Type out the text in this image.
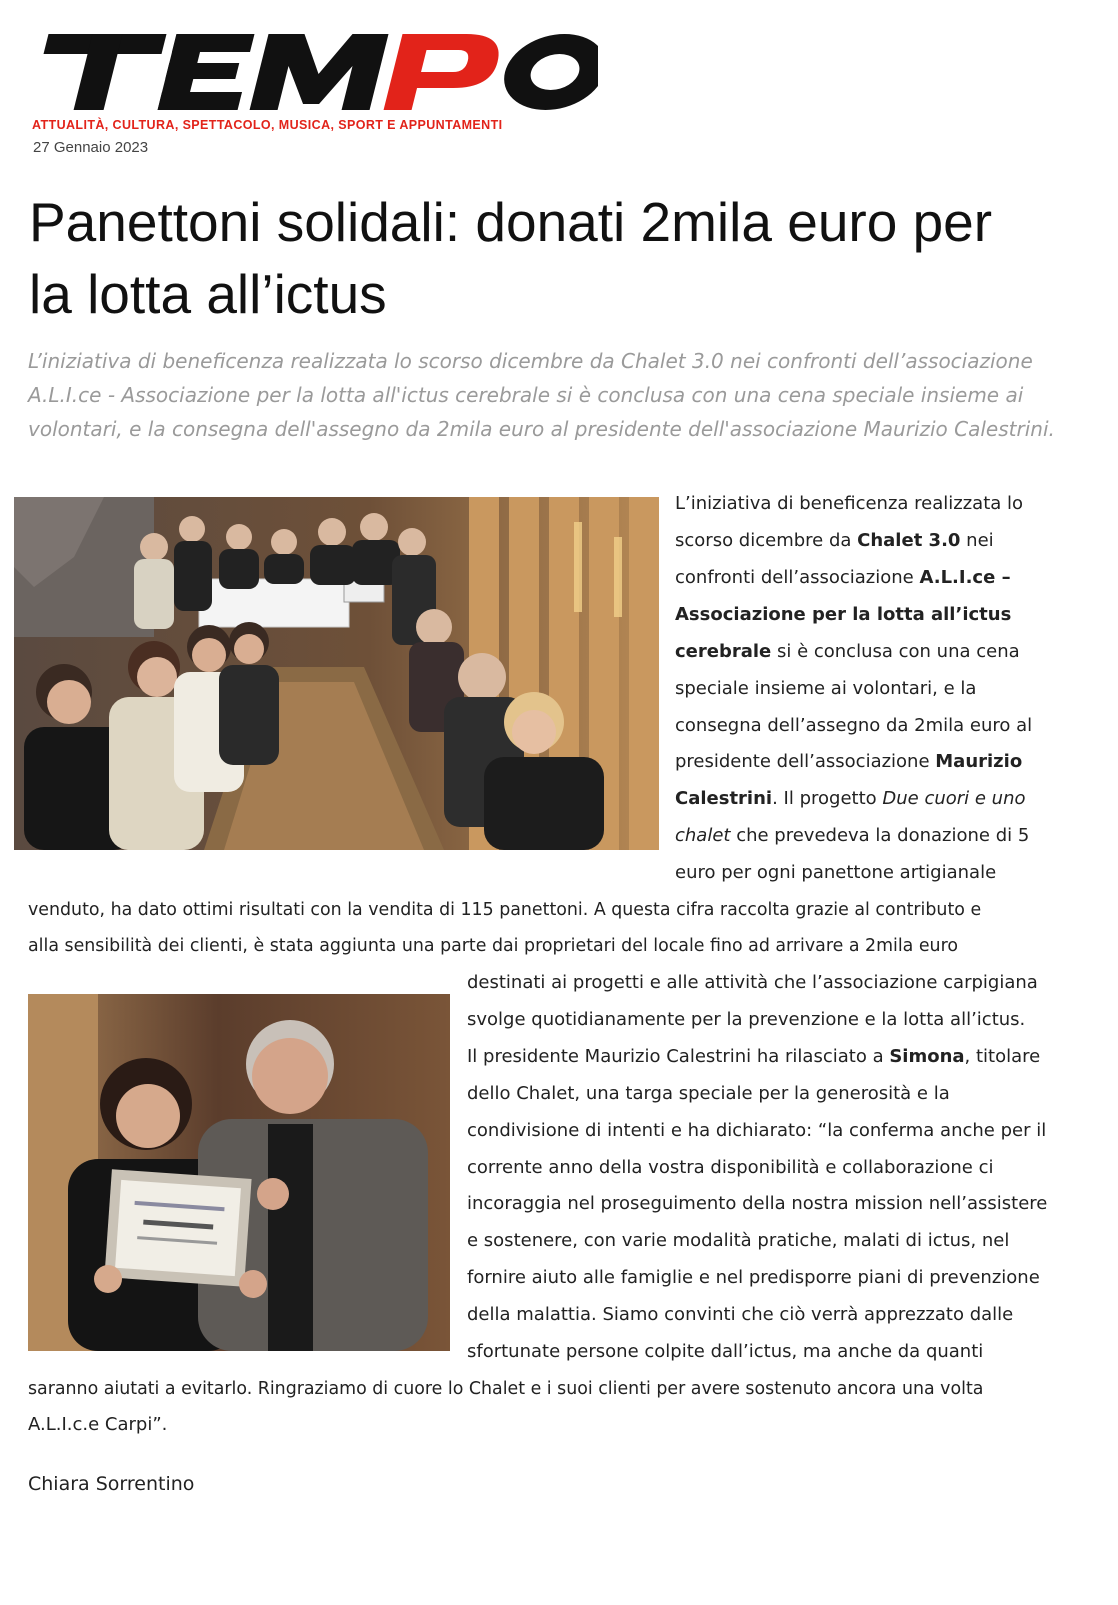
ATTUALITÀ, CULTURA, SPETTACOLO, MUSICA, SPORT E APPUNTAMENTI
27 Gennaio 2023
Panettoni solidali: donati 2mila euro per
la lotta all’ictus
L’iniziativa di beneficenza realizzata lo scorso dicembre da Chalet 3.0 nei confronti dell’associazione
A.L.I.ce - Associazione per la lotta all'ictus cerebrale si è conclusa con una cena speciale insieme ai
volontari, e la consegna dell'assegno da 2mila euro al presidente dell'associazione Maurizio Calestrini.
L’iniziativa di beneficenza realizzata lo
scorso dicembre da Chalet 3.0 nei
confronti dell’associazione A.L.I.ce –
Associazione per la lotta all’ictus
cerebrale si è conclusa con una cena
speciale insieme ai volontari, e la
consegna dell’assegno da 2mila euro al
presidente dell’associazione Maurizio
Calestrini. Il progetto Due cuori e uno
chalet che prevedeva la donazione di 5
euro per ogni panettone artigianale
venduto, ha dato ottimi risultati con la vendita di 115 panettoni. A questa cifra raccolta grazie al contributo e
alla sensibilità dei clienti, è stata aggiunta una parte dai proprietari del locale fino ad arrivare a 2mila euro
destinati ai progetti e alle attività che l’associazione carpigiana
svolge quotidianamente per la prevenzione e la lotta all’ictus.
Il presidente Maurizio Calestrini ha rilasciato a Simona, titolare
dello Chalet, una targa speciale per la generosità e la
condivisione di intenti e ha dichiarato: “la conferma anche per il
corrente anno della vostra disponibilità e collaborazione ci
incoraggia nel proseguimento della nostra mission nell’assistere
e sostenere, con varie modalità pratiche, malati di ictus, nel
fornire aiuto alle famiglie e nel predisporre piani di prevenzione
della malattia. Siamo convinti che ciò verrà apprezzato dalle
sfortunate persone colpite dall’ictus, ma anche da quanti
saranno aiutati a evitarlo. Ringraziamo di cuore lo Chalet e i suoi clienti per avere sostenuto ancora una volta
A.L.I.c.e Carpi”.
Chiara Sorrentino
